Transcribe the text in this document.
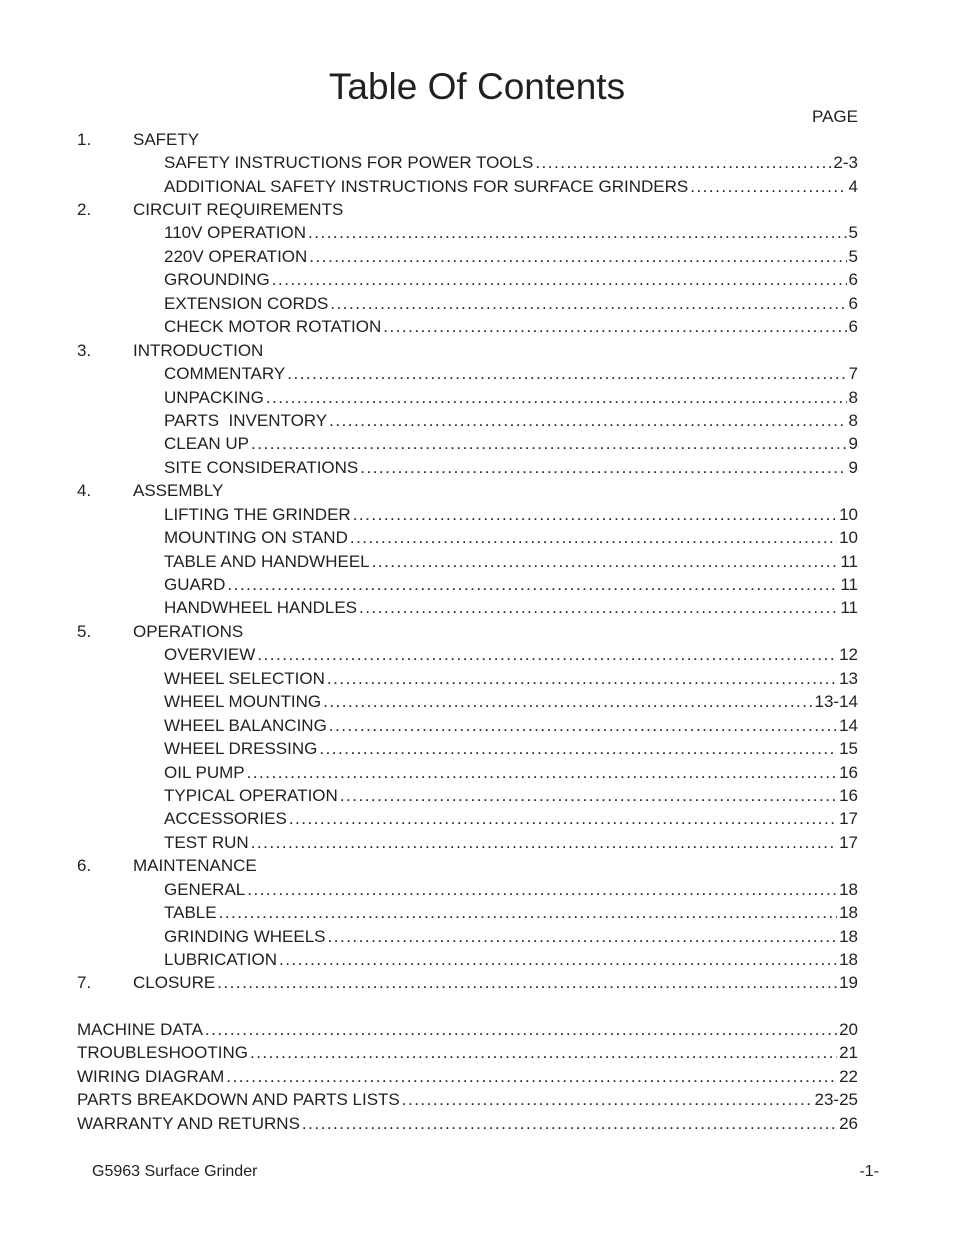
Table Of Contents
PAGE
1.	SAFETY
SAFETY INSTRUCTIONS FOR POWER TOOLS .....	2-3
ADDITIONAL SAFETY INSTRUCTIONS FOR SURFACE GRINDERS .....	4
2.	CIRCUIT REQUIREMENTS
110V OPERATION .....	5
220V OPERATION .....	5
GROUNDING .....	6
EXTENSION CORDS .....	6
CHECK MOTOR ROTATION .....	6
3.	INTRODUCTION
COMMENTARY .....	7
UNPACKING .....	8
PARTS  INVENTORY .....	8
CLEAN UP .....	9
SITE CONSIDERATIONS .....	9
4.	ASSEMBLY
LIFTING THE GRINDER .....	10
MOUNTING ON STAND .....	10
TABLE AND HANDWHEEL .....	11
GUARD .....	11
HANDWHEEL HANDLES .....	11
5.	OPERATIONS
OVERVIEW .....	12
WHEEL SELECTION .....	13
WHEEL MOUNTING .....	13-14
WHEEL BALANCING .....	14
WHEEL DRESSING .....	15
OIL PUMP .....	16
TYPICAL OPERATION .....	16
ACCESSORIES .....	17
TEST RUN .....	17
6.	MAINTENANCE
GENERAL .....	18
TABLE .....	18
GRINDING WHEELS .....	18
LUBRICATION .....	18
7.	CLOSURE .....	19
MACHINE DATA .....	20
TROUBLESHOOTING .....	21
WIRING DIAGRAM .....	22
PARTS BREAKDOWN AND PARTS LISTS .....	23-25
WARRANTY AND RETURNS .....	26
G5963 Surface Grinder	-1-
